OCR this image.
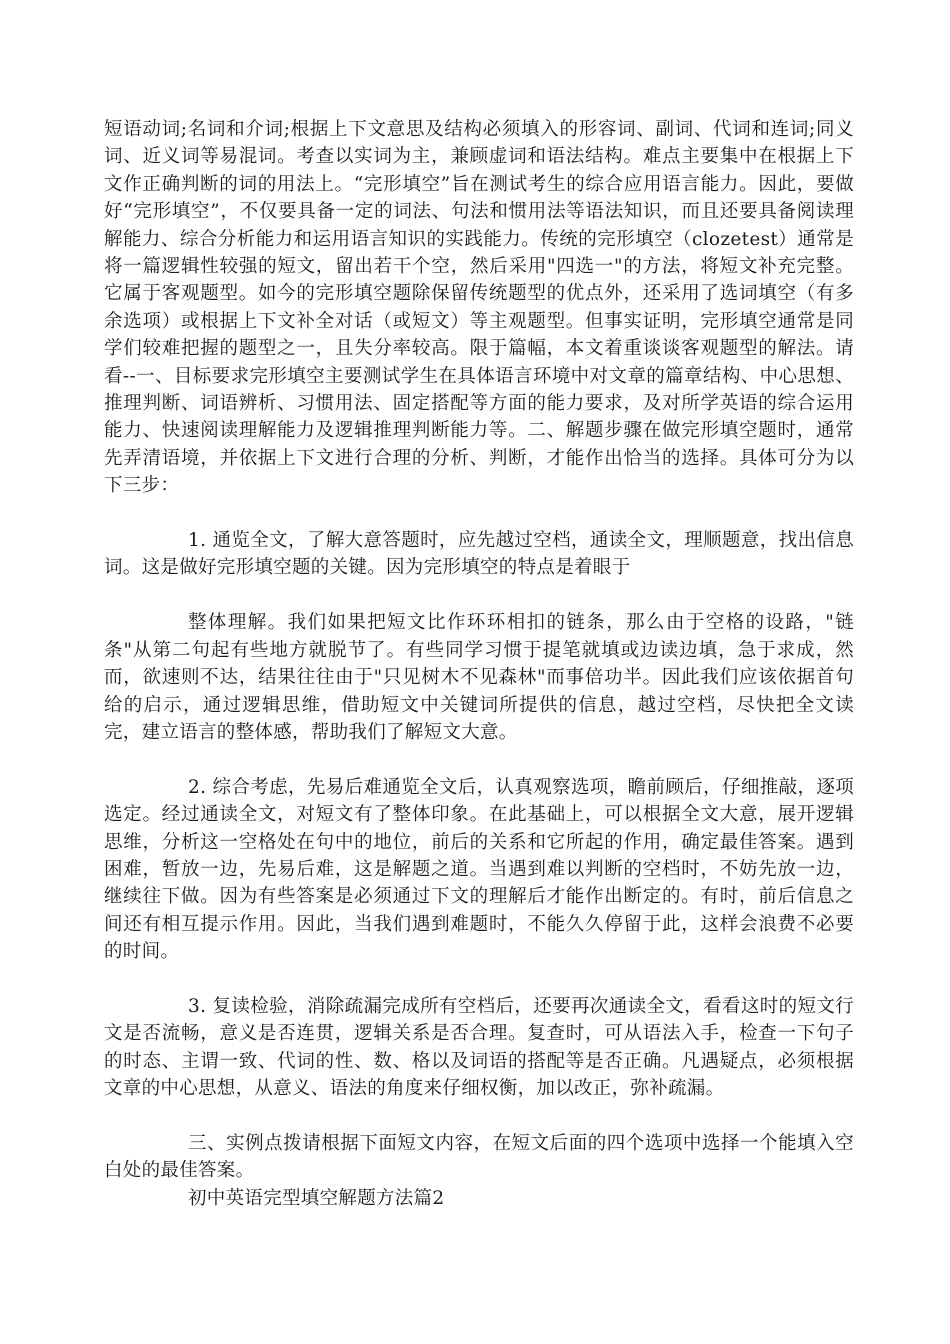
短语动词;名词和介词;根据上下文意思及结构必须填入的形容词、副词、代词和连词;同义词、近义词等易混词。考查以实词为主，兼顾虚词和语法结构。难点主要集中在根据上下文作正确判断的词的用法上。“完形填空”旨在测试考生的综合应用语言能力。因此，要做好“完形填空”，不仅要具备一定的词法、句法和惯用法等语法知识，而且还要具备阅读理解能力、综合分析能力和运用语言知识的实践能力。传统的完形填空（clozetest）通常是将一篇逻辑性较强的短文，留出若干个空，然后采用"四选一"的方法，将短文补充完整。它属于客观题型。如今的完形填空题除保留传统题型的优点外，还采用了选词填空（有多余选项）或根据上下文补全对话（或短文）等主观题型。但事实证明，完形填空通常是同学们较难把握的题型之一，且失分率较高。限于篇幅，本文着重谈谈客观题型的解法。请看--一、目标要求完形填空主要测试学生在具体语言环境中对文章的篇章结构、中心思想、推理判断、词语辨析、习惯用法、固定搭配等方面的能力要求，及对所学英语的综合运用能力、快速阅读理解能力及逻辑推理判断能力等。二、解题步骤在做完形填空题时，通常先弄清语境，并依据上下文进行合理的分析、判断，才能作出恰当的选择。具体可分为以下三步：

1. 通览全文，了解大意答题时，应先越过空档，通读全文，理顺题意，找出信息词。这是做好完形填空题的关键。因为完形填空的特点是着眼于

整体理解。我们如果把短文比作环环相扣的链条，那么由于空格的设路，"链条"从第二句起有些地方就脱节了。有些同学习惯于提笔就填或边读边填，急于求成，然而，欲速则不达，结果往往由于"只见树木不见森林"而事倍功半。因此我们应该依据首句给的启示，通过逻辑思维，借助短文中关键词所提供的信息，越过空档，尽快把全文读完，建立语言的整体感，帮助我们了解短文大意。

2. 综合考虑，先易后难通览全文后，认真观察选项，瞻前顾后，仔细推敲，逐项选定。经过通读全文，对短文有了整体印象。在此基础上，可以根据全文大意，展开逻辑思维，分析这一空格处在句中的地位，前后的关系和它所起的作用，确定最佳答案。遇到困难，暂放一边，先易后难，这是解题之道。当遇到难以判断的空档时，不妨先放一边，继续往下做。因为有些答案是必须通过下文的理解后才能作出断定的。有时，前后信息之间还有相互提示作用。因此，当我们遇到难题时，不能久久停留于此，这样会浪费不必要的时间。

3. 复读检验，消除疏漏完成所有空档后，还要再次通读全文，看看这时的短文行文是否流畅，意义是否连贯，逻辑关系是否合理。复查时，可从语法入手，检查一下句子的时态、主谓一致、代词的性、数、格以及词语的搭配等是否正确。凡遇疑点，必须根据文章的中心思想，从意义、语法的角度来仔细权衡，加以改正，弥补疏漏。

三、实例点拨请根据下面短文内容，在短文后面的四个选项中选择一个能填入空白处的最佳答案。

初中英语完型填空解题方法篇2
